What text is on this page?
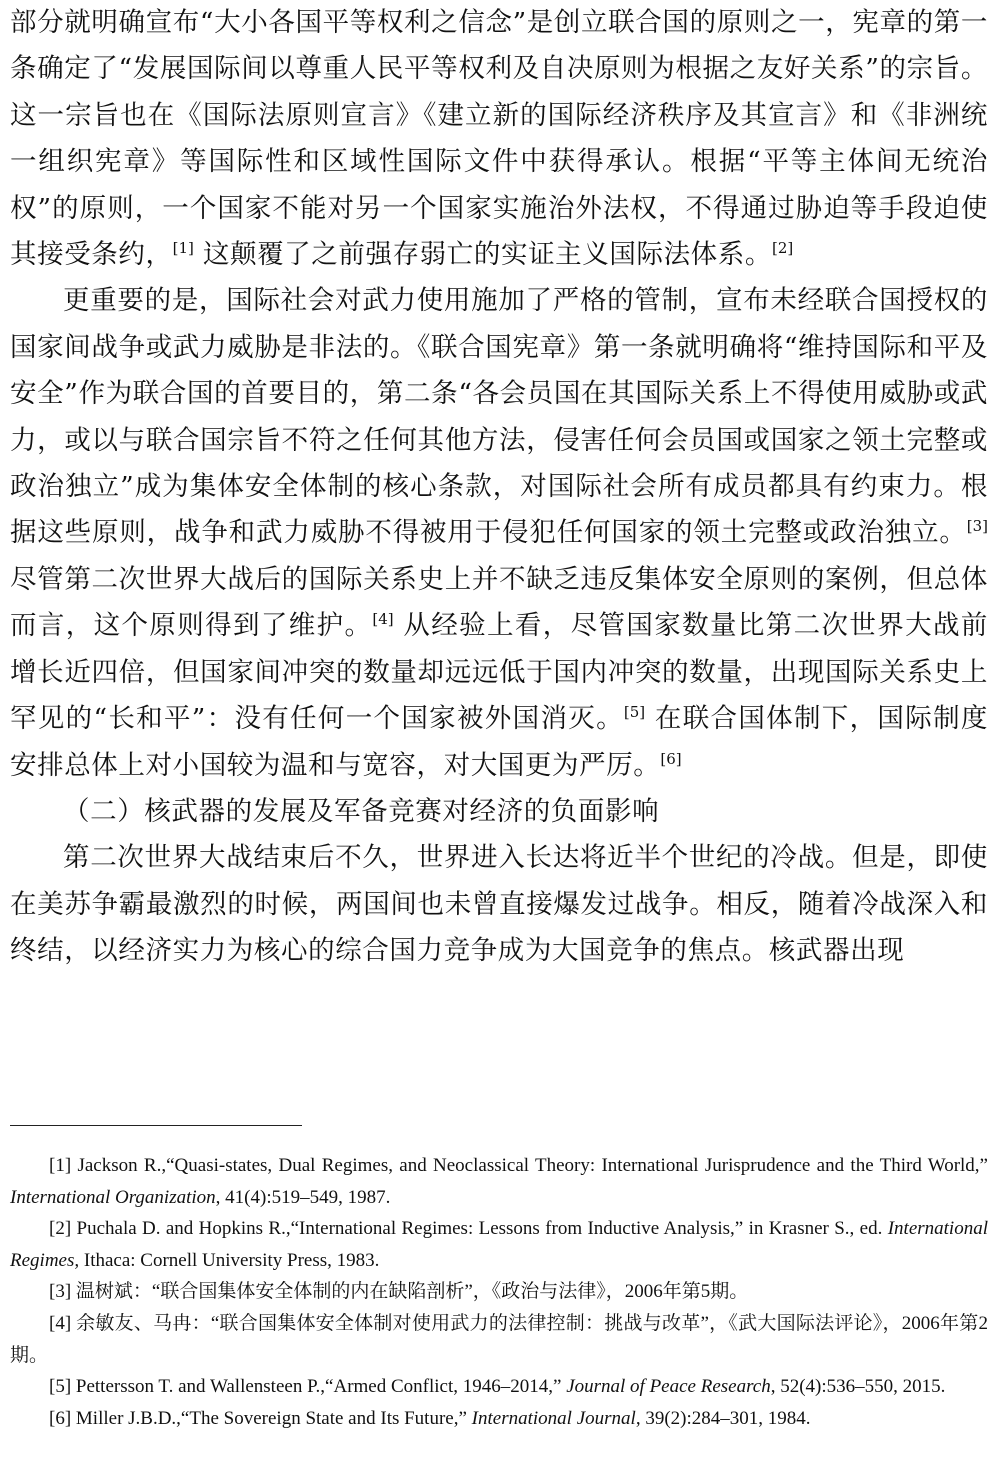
部分就明确宣布“大小各国平等权利之信念”是创立联合国的原则之一，宪章的第一条确定了“发展国际间以尊重人民平等权利及自决原则为根据之友好关系”的宗旨。这一宗旨也在《国际法原则宣言》《建立新的国际经济秩序及其宣言》和《非洲统一组织宪章》等国际性和区域性国际文件中获得承认。根据“平等主体间无统治权”的原则，一个国家不能对另一个国家实施治外法权，不得通过胁迫等手段迫使其接受条约，[1] 这颠覆了之前强存弱亡的实证主义国际法体系。[2]

更重要的是，国际社会对武力使用施加了严格的管制，宣布未经联合国授权的国家间战争或武力威胁是非法的。《联合国宪章》第一条就明确将“维持国际和平及安全”作为联合国的首要目的，第二条“各会员国在其国际关系上不得使用威胁或武力，或以与联合国宗旨不符之任何其他方法，侵害任何会员国或国家之领土完整或政治独立”成为集体安全体制的核心条款，对国际社会所有成员都具有约束力。根据这些原则，战争和武力威胁不得被用于侵犯任何国家的领土完整或政治独立。[3] 尽管第二次世界大战后的国际关系史上并不缺乏违反集体安全原则的案例，但总体而言，这个原则得到了维护。[4] 从经验上看，尽管国家数量比第二次世界大战前增长近四倍，但国家间冲突的数量却远远低于国内冲突的数量，出现国际关系史上罕见的“长和平”：没有任何一个国家被外国消灭。[5] 在联合国体制下，国际制度安排总体上对小国较为温和与宽容，对大国更为严厉。[6]

（二）核武器的发展及军备竞赛对经济的负面影响

第二次世界大战结束后不久，世界进入长达将近半个世纪的冷战。但是，即使在美苏争霸最激烈的时候，两国间也未曾直接爆发过战争。相反，随着冷战深入和终结，以经济实力为核心的综合国力竞争成为大国竞争的焦点。核武器出现

[1] Jackson R.,“Quasi-states, Dual Regimes, and Neoclassical Theory: International Jurisprudence and the Third World,” International Organization, 41(4):519–549, 1987.
[2] Puchala D. and Hopkins R.,“International Regimes: Lessons from Inductive Analysis,” in Krasner S., ed. International Regimes, Ithaca: Cornell University Press, 1983.
[3] 温树斌：“联合国集体安全体制的内在缺陷剖析”，《政治与法律》，2006年第5期。
[4] 余敏友、马冉：“联合国集体安全体制对使用武力的法律控制：挑战与改革”，《武大国际法评论》，2006年第2期。
[5] Pettersson T. and Wallensteen P.,“Armed Conflict, 1946–2014,” Journal of Peace Research, 52(4):536–550, 2015.
[6] Miller J.B.D.,“The Sovereign State and Its Future,” International Journal, 39(2):284–301, 1984.
